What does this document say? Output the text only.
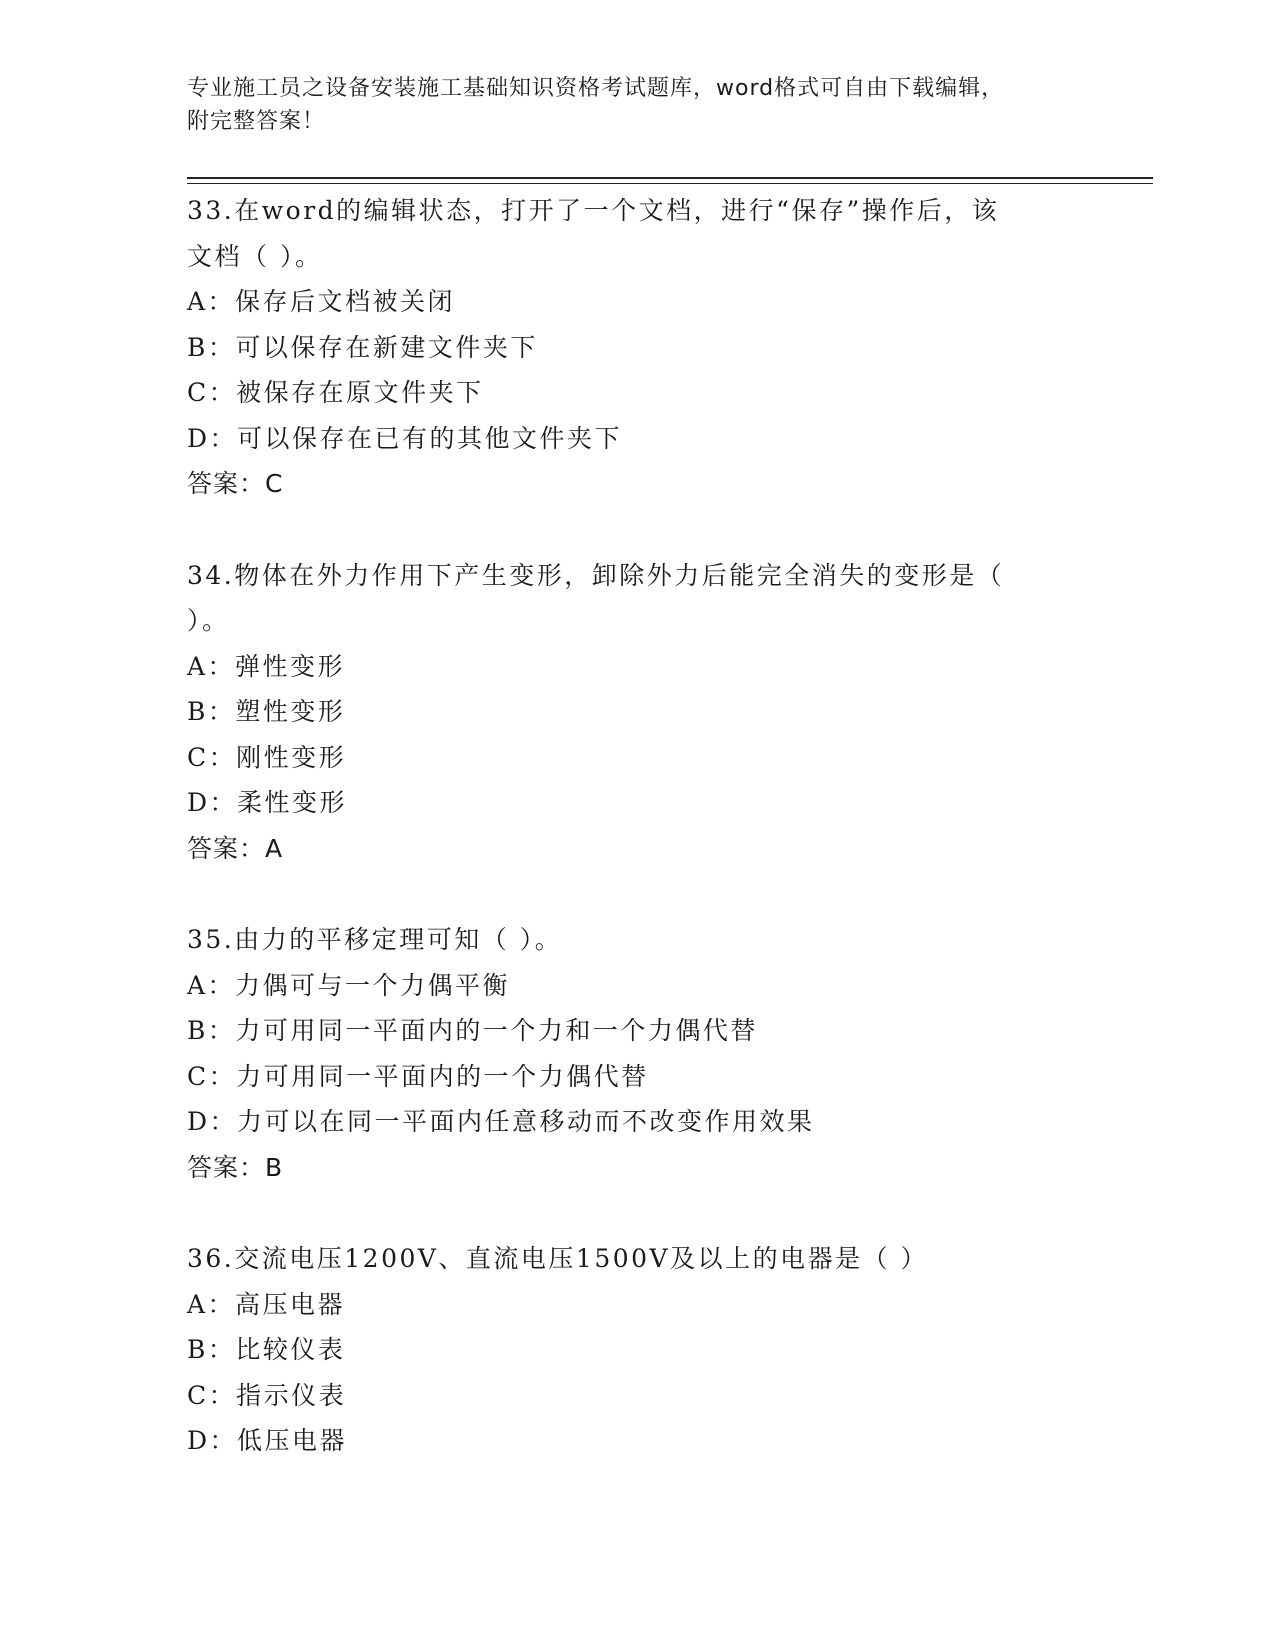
专业施工员之设备安装施工基础知识资格考试题库，word格式可自由下载编辑，
附完整答案！
33.在word的编辑状态，打开了一个文档，进行“保存”操作后，该
文档（ ）。
A：保存后文档被关闭
B：可以保存在新建文件夹下
C：被保存在原文件夹下
D：可以保存在已有的其他文件夹下
答案：C
34.物体在外力作用下产生变形，卸除外力后能完全消失的变形是（
）。
A：弹性变形
B：塑性变形
C：刚性变形
D：柔性变形
答案：A
35.由力的平移定理可知（ ）。
A：力偶可与一个力偶平衡
B：力可用同一平面内的一个力和一个力偶代替
C：力可用同一平面内的一个力偶代替
D：力可以在同一平面内任意移动而不改变作用效果
答案：B
36.交流电压1200V、直流电压1500V及以上的电器是（ ）
A：高压电器
B：比较仪表
C：指示仪表
D：低压电器
